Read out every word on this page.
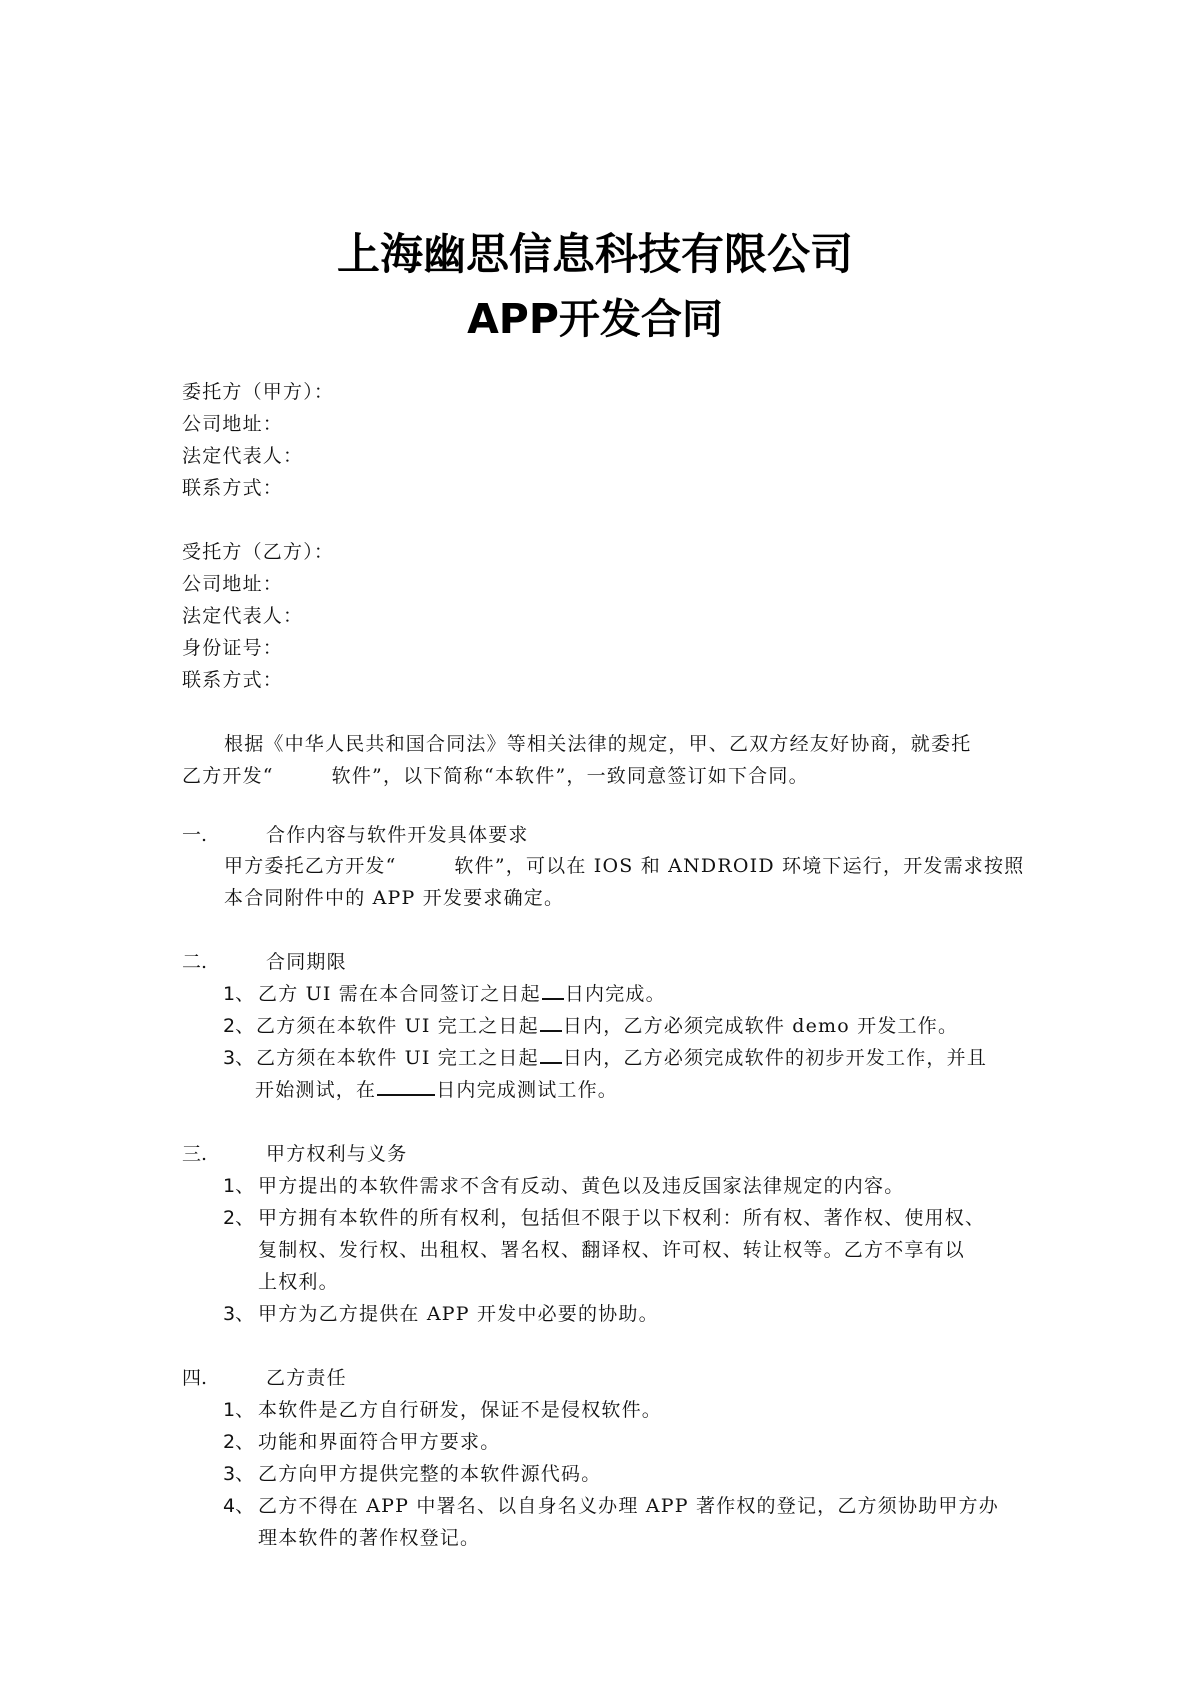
上海幽思信息科技有限公司
APP开发合同
委托方（甲方）：
公司地址：
法定代表人：
联系方式：
受托方（乙方）：
公司地址：
法定代表人：
身份证号：
联系方式：
根据《中华人民共和国合同法》等相关法律的规定，甲、乙双方经友好协商，就委托
乙方开发“        软件”，以下简称“本软件”，一致同意签订如下合同。
一.	合作内容与软件开发具体要求
甲方委托乙方开发“        软件”，可以在 IOS 和 ANDROID 环境下运行，开发需求按照
本合同附件中的 APP 开发要求确定。
二.	合同期限
1、 乙方 UI 需在本合同签订之日起 日内完成。
2、 乙方须在本软件 UI 完工之日起 日内，乙方必须完成软件 demo 开发工作。
3、 乙方须在本软件 UI 完工之日起 日内，乙方必须完成软件的初步开发工作，并且
开始测试，在	日内完成测试工作。
三.	甲方权利与义务
1、 甲方提出的本软件需求不含有反动、黄色以及违反国家法律规定的内容。
2、 甲方拥有本软件的所有权利，包括但不限于以下权利：所有权、著作权、使用权、
复制权、发行权、出租权、署名权、翻译权、许可权、转让权等。乙方不享有以
上权利。
3、 甲方为乙方提供在 APP 开发中必要的协助。
四.	乙方责任
1、 本软件是乙方自行研发，保证不是侵权软件。
2、 功能和界面符合甲方要求。
3、 乙方向甲方提供完整的本软件源代码。
4、 乙方不得在 APP 中署名、以自身名义办理 APP 著作权的登记，乙方须协助甲方办
理本软件的著作权登记。
